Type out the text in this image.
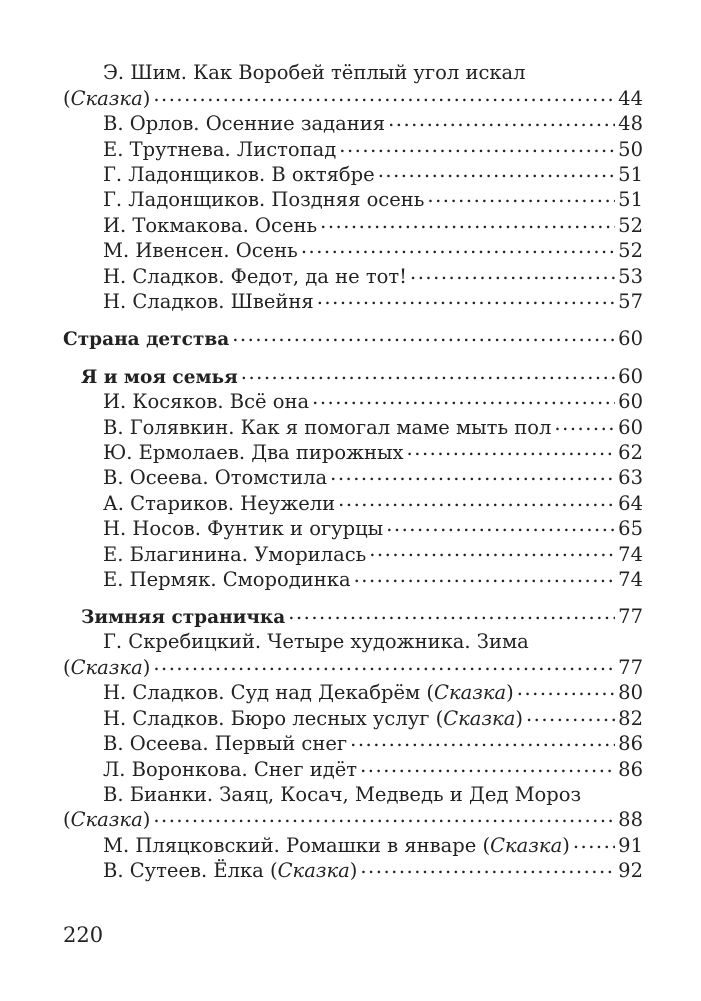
Э. Шим. Как Воробей тёплый угол искал
(Сказка) .....	44
В. Орлов. Осенние задания .....	48
Е. Трутнева. Листопад .....	50
Г. Ладонщиков. В октябре .....	51
Г. Ладонщиков. Поздняя осень .....	51
И. Токмакова. Осень .....	52
М. Ивенсен. Осень .....	52
Н. Сладков. Федот, да не тот! .....	53
Н. Сладков. Швейня .....	57
Страна детства .....	60
Я и моя семья .....	60
И. Косяков. Всё она .....	60
В. Голявкин. Как я помогал маме мыть пол .....	60
Ю. Ермолаев. Два пирожных .....	62
В. Осеева. Отомстила .....	63
А. Стариков. Неужели .....	64
Н. Носов. Фунтик и огурцы .....	65
Е. Благинина. Уморилась .....	74
Е. Пермяк. Смородинка .....	74
Зимняя страничка .....	77
Г. Скребицкий. Четыре художника. Зима
(Сказка) .....	77
Н. Сладков. Суд над Декабрём (Сказка) .....	80
Н. Сладков. Бюро лесных услуг (Сказка) .....	82
В. Осеева. Первый снег .....	86
Л. Воронкова. Снег идёт .....	86
В. Бианки. Заяц, Косач, Медведь и Дед Мороз
(Сказка) .....	88
М. Пляцковский. Ромашки в январе (Сказка) ..... 91
В. Сутеев. Ёлка (Сказка) .....	92
220
